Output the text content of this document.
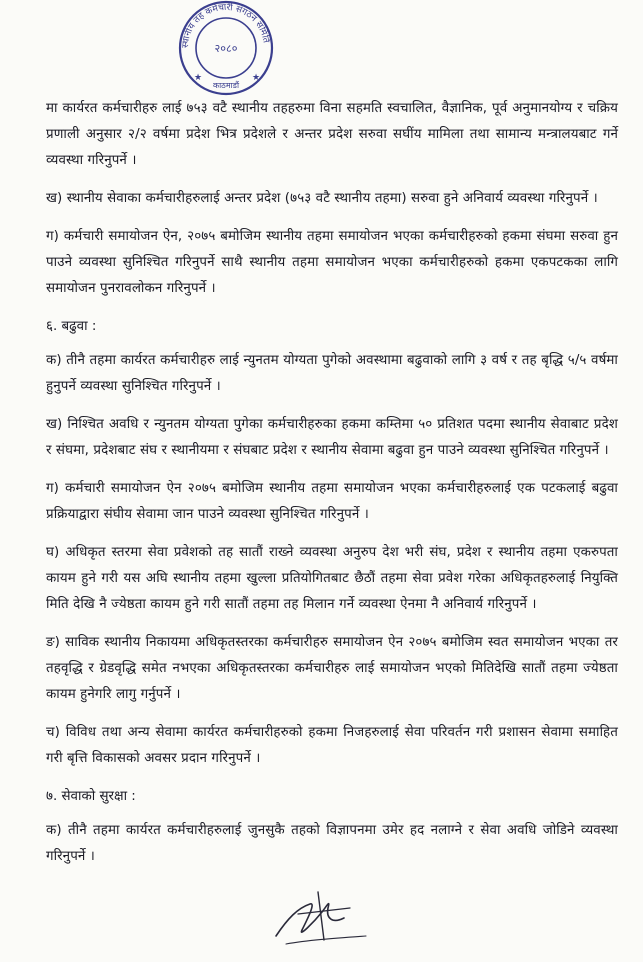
स्थानीय तह कर्मचारी संगठन समिति
२०८०
काठमाडौं
★	★

मा कार्यरत कर्मचारीहरु लाई ७५३ वटै स्थानीय तहहरुमा विना सहमति स्वचालित, वैज्ञानिक, पूर्व अनुमानयोग्य र चक्रिय प्रणाली अनुसार २/२ वर्षमा प्रदेश भित्र प्रदेशले र अन्तर प्रदेश सरुवा सघींय मामिला तथा सामान्य मन्त्रालयबाट गर्ने व्यवस्था गरिनुपर्ने ।

ख) स्थानीय सेवाका कर्मचारीहरुलाई अन्तर प्रदेश (७५३ वटै स्थानीय तहमा) सरुवा हुने अनिवार्य व्यवस्था गरिनुपर्ने ।

ग) कर्मचारी समायोजन ऐन, २०७५ बमोजिम स्थानीय तहमा समायोजन भएका कर्मचारीहरुको हकमा संघमा सरुवा हुन पाउने व्यवस्था सुनिश्चित गरिनुपर्ने साथै स्थानीय तहमा समायोजन भएका कर्मचारीहरुको हकमा एकपटकका लागि समायोजन पुनरावलोकन गरिनुपर्ने ।

६. बढुवा :

क) तीनै तहमा कार्यरत कर्मचारीहरु लाई न्युनतम योग्यता पुगेको अवस्थामा बढुवाको लागि ३ वर्ष र तह बृद्धि ५/५ वर्षमा हुनुपर्ने व्यवस्था सुनिश्चित गरिनुपर्ने ।

ख) निश्चित अवधि र न्युनतम योग्यता पुगेका कर्मचारीहरुका हकमा कम्तिमा ५० प्रतिशत पदमा स्थानीय सेवाबाट प्रदेश र संघमा, प्रदेशबाट संघ र स्थानीयमा र संघबाट प्रदेश र स्थानीय सेवामा बढुवा हुन पाउने व्यवस्था सुनिश्चित गरिनुपर्ने ।

ग) कर्मचारी समायोजन ऐन २०७५ बमोजिम स्थानीय तहमा समायोजन भएका कर्मचारीहरुलाई एक पटकलाई बढुवा प्रक्रियाद्वारा संघीय सेवामा जान पाउने व्यवस्था सुनिश्चित गरिनुपर्ने ।

घ) अधिकृत स्तरमा सेवा प्रवेशको तह सातौं राख्ने व्यवस्था अनुरुप देश भरी संघ, प्रदेश र स्थानीय तहमा एकरुपता कायम हुने गरी यस अघि स्थानीय तहमा खुल्ला प्रतियोगितबाट छैठौं तहमा सेवा प्रवेश गरेका अधिकृतहरुलाई नियुक्ति मिति देखि नै ज्येष्ठता कायम हुने गरी सातौं तहमा तह मिलान गर्ने व्यवस्था ऐनमा नै अनिवार्य गरिनुपर्ने ।

ङ) साविक स्थानीय निकायमा अधिकृतस्तरका कर्मचारीहरु समायोजन ऐन २०७५ बमोजिम स्वत समायोजन भएका तर तहवृद्धि र ग्रेडवृद्धि समेत नभएका अधिकृतस्तरका कर्मचारीहरु लाई समायोजन भएको मितिदेखि सातौं तहमा ज्येष्ठता कायम हुनेगरि लागु गर्नुपर्ने ।

च) विविध तथा अन्य सेवामा कार्यरत कर्मचारीहरुको हकमा निजहरुलाई सेवा परिवर्तन गरी प्रशासन सेवामा समाहित गरी बृत्ति विकासको अवसर प्रदान गरिनुपर्ने ।

७. सेवाको सुरक्षा :

क) तीनै तहमा कार्यरत कर्मचारीहरुलाई जुनसुकै तहको विज्ञापनमा उमेर हद नलाग्ने र सेवा अवधि जोडिने व्यवस्था गरिनुपर्ने ।
